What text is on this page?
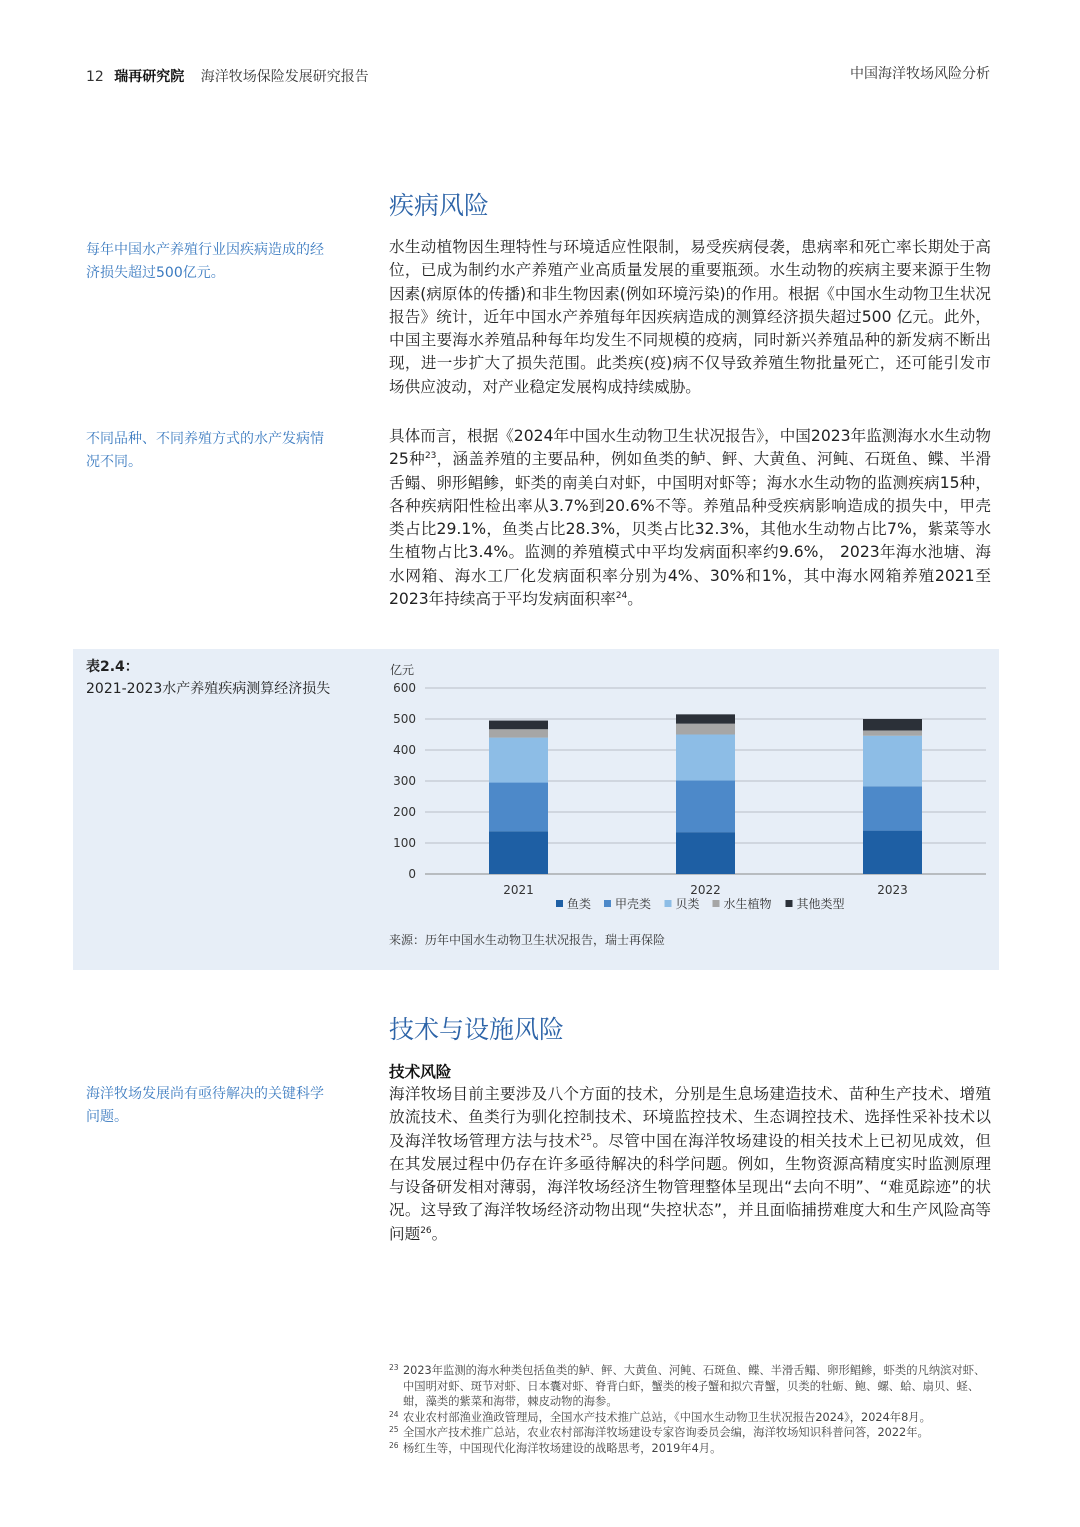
12 瑞再研究院 海洋牧场保险发展研究报告	中国海洋牧场风险分析
疾病风险
每年中国水产养殖行业因疾病造成的经济损失超过500亿元。

水生动植物因生理特性与环境适应性限制，易受疾病侵袭，患病率和死亡率长期处于高位，已成为制约水产养殖产业高质量发展的重要瓶颈。水生动物的疾病主要来源于生物因素(病原体的传播)和非生物因素(例如环境污染)的作用。根据《中国水生动物卫生状况报告》统计，近年中国水产养殖每年因疾病造成的测算经济损失超过500 亿元。此外，中国主要海水养殖品种每年均发生不同规模的疫病，同时新兴养殖品种的新发病不断出现，进一步扩大了损失范围。此类疾(疫)病不仅导致养殖生物批量死亡，还可能引发市场供应波动，对产业稳定发展构成持续威胁。

不同品种、不同养殖方式的水产发病情况不同。

具体而言，根据《2024年中国水生动物卫生状况报告》，中国2023年监测海水水生动物25种$^{23}$，涵盖养殖的主要品种，例如鱼类的鲈、鲆、大黄鱼、河鲀、石斑鱼、鲽、半滑舌鳎、卵形鲳鲹，虾类的南美白对虾，中国明对虾等；海水水生动物的监测疾病15种，各种疾病阳性检出率从3.7%到20.6%不等。养殖品种受疾病影响造成的损失中，甲壳类占比29.1%，鱼类占比28.3%，贝类占比32.3%，其他水生动物占比7%，紫菜等水生植物占比3.4%。监测的养殖模式中平均发病面积率约9.6%， 2023年海水池塘、海水网箱、海水工厂化发病面积率分别为4%、30%和1%，其中海水网箱养殖2021至2023年持续高于平均发病面积率$^{24}$。

表2.4：
2021-2023水产养殖疾病测算经济损失
亿元
0
100
200
300
400
500
600
2021	2022	2023
鱼类 甲壳类 贝类 水生植物 其他类型
来源：历年中国水生动物卫生状况报告，瑞士再保险
技术与设施风险
技术风险
海洋牧场发展尚有亟待解决的关键科学问题。

海洋牧场目前主要涉及八个方面的技术，分别是生息场建造技术、苗种生产技术、增殖放流技术、鱼类行为驯化控制技术、环境监控技术、生态调控技术、选择性采补技术以及海洋牧场管理方法与技术$^{25}$。尽管中国在海洋牧场建设的相关技术上已初见成效，但在其发展过程中仍存在许多亟待解决的科学问题。例如，生物资源高精度实时监测原理与设备研发相对薄弱，海洋牧场经济生物管理整体呈现出“去向不明”、“难觅踪迹”的状况。这导致了海洋牧场经济动物出现“失控状态”，并且面临捕捞难度大和生产风险高等问题$^{26}$。

23 2023年监测的海水种类包括鱼类的鲈、鲆、大黄鱼、河鲀、石斑鱼、鲽、半滑舌鳎、卵形鲳鲹，虾类的凡纳滨对虾、中国明对虾、斑节对虾、日本囊对虾、脊背白虾，蟹类的梭子蟹和拟穴青蟹，贝类的牡蛎、鲍、螺、蛤、扇贝、蛏、蚶，藻类的紫菜和海带，棘皮动物的海参。
24 农业农村部渔业渔政管理局，全国水产技术推广总站，《中国水生动物卫生状况报告2024》，2024年8月。
25 全国水产技术推广总站，农业农村部海洋牧场建设专家咨询委员会编，海洋牧场知识科普问答，2022年。
26 杨红生等，中国现代化海洋牧场建设的战略思考，2019年4月。
